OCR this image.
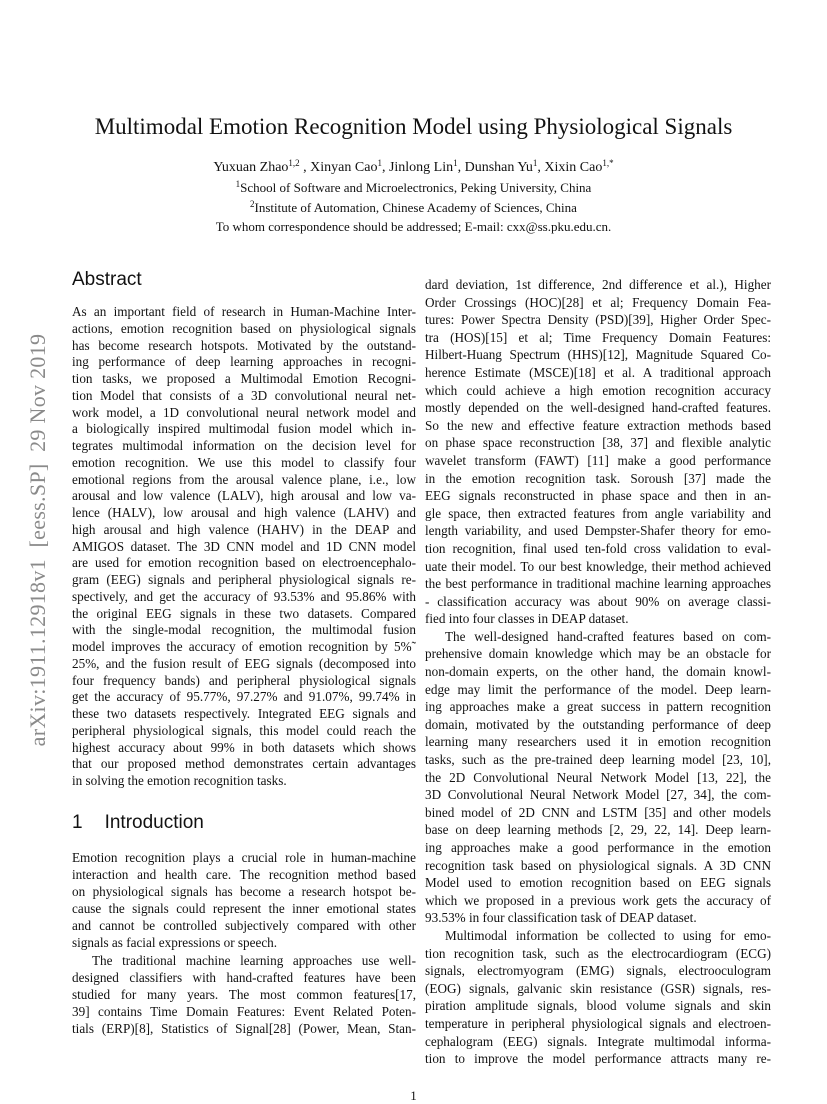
arXiv:1911.12918v1  [eess.SP]  29 Nov 2019
Multimodal Emotion Recognition Model using Physiological Signals
Yuxuan Zhao$^{1,2}$ , Xinyan Cao$^1$, Jinlong Lin$^1$, Dunshan Yu$^1$, Xixin Cao$^{1,*}$
$^1$School of Software and Microelectronics, Peking University, China
$^2$Institute of Automation, Chinese Academy of Sciences, China
To whom correspondence should be addressed; E-mail: cxx@ss.pku.edu.cn.
Abstract
As an important field of research in Human-Machine Inter-
actions, emotion recognition based on physiological signals
has become research hotspots. Motivated by the outstand-
ing performance of deep learning approaches in recogni-
tion tasks, we proposed a Multimodal Emotion Recogni-
tion Model that consists of a 3D convolutional neural net-
work model, a 1D convolutional neural network model and
a biologically inspired multimodal fusion model which in-
tegrates multimodal information on the decision level for
emotion recognition. We use this model to classify four
emotional regions from the arousal valence plane, i.e., low
arousal and low valence (LALV), high arousal and low va-
lence (HALV), low arousal and high valence (LAHV) and
high arousal and high valence (HAHV) in the DEAP and
AMIGOS dataset. The 3D CNN model and 1D CNN model
are used for emotion recognition based on electroencephalo-
gram (EEG) signals and peripheral physiological signals re-
spectively, and get the accuracy of 93.53% and 95.86% with
the original EEG signals in these two datasets. Compared
with the single-modal recognition, the multimodal fusion
model improves the accuracy of emotion recognition by 5%˜
25%, and the fusion result of EEG signals (decomposed into
four frequency bands) and peripheral physiological signals
get the accuracy of 95.77%, 97.27% and 91.07%, 99.74% in
these two datasets respectively. Integrated EEG signals and
peripheral physiological signals, this model could reach the
highest accuracy about 99% in both datasets which shows
that our proposed method demonstrates certain advantages
in solving the emotion recognition tasks.
1 Introduction
Emotion recognition plays a crucial role in human-machine
interaction and health care. The recognition method based
on physiological signals has become a research hotspot be-
cause the signals could represent the inner emotional states
and cannot be controlled subjectively compared with other
signals as facial expressions or speech.
The traditional machine learning approaches use well-
designed classifiers with hand-crafted features have been
studied for many years. The most common features[17,
39] contains Time Domain Features: Event Related Poten-
tials (ERP)[8], Statistics of Signal[28] (Power, Mean, Stan-
dard deviation, 1st difference, 2nd difference et al.), Higher
Order Crossings (HOC)[28] et al; Frequency Domain Fea-
tures: Power Spectra Density (PSD)[39], Higher Order Spec-
tra (HOS)[15] et al; Time Frequency Domain Features:
Hilbert-Huang Spectrum (HHS)[12], Magnitude Squared Co-
herence Estimate (MSCE)[18] et al. A traditional approach
which could achieve a high emotion recognition accuracy
mostly depended on the well-designed hand-crafted features.
So the new and effective feature extraction methods based
on phase space reconstruction [38, 37] and flexible analytic
wavelet transform (FAWT) [11] make a good performance
in the emotion recognition task. Soroush [37] made the
EEG signals reconstructed in phase space and then in an-
gle space, then extracted features from angle variability and
length variability, and used Dempster-Shafer theory for emo-
tion recognition, final used ten-fold cross validation to eval-
uate their model. To our best knowledge, their method achieved
the best performance in traditional machine learning approaches
- classification accuracy was about 90% on average classi-
fied into four classes in DEAP dataset.
The well-designed hand-crafted features based on com-
prehensive domain knowledge which may be an obstacle for
non-domain experts, on the other hand, the domain knowl-
edge may limit the performance of the model. Deep learn-
ing approaches make a great success in pattern recognition
domain, motivated by the outstanding performance of deep
learning many researchers used it in emotion recognition
tasks, such as the pre-trained deep learning model [23, 10],
the 2D Convolutional Neural Network Model [13, 22], the
3D Convolutional Neural Network Model [27, 34], the com-
bined model of 2D CNN and LSTM [35] and other models
base on deep learning methods [2, 29, 22, 14]. Deep learn-
ing approaches make a good performance in the emotion
recognition task based on physiological signals. A 3D CNN
Model used to emotion recognition based on EEG signals
which we proposed in a previous work gets the accuracy of
93.53% in four classification task of DEAP dataset.
Multimodal information be collected to using for emo-
tion recognition task, such as the electrocardiogram (ECG)
signals, electromyogram (EMG) signals, electrooculogram
(EOG) signals, galvanic skin resistance (GSR) signals, res-
piration amplitude signals, blood volume signals and skin
temperature in peripheral physiological signals and electroen-
cephalogram (EEG) signals. Integrate multimodal informa-
tion to improve the model performance attracts many re-
1
